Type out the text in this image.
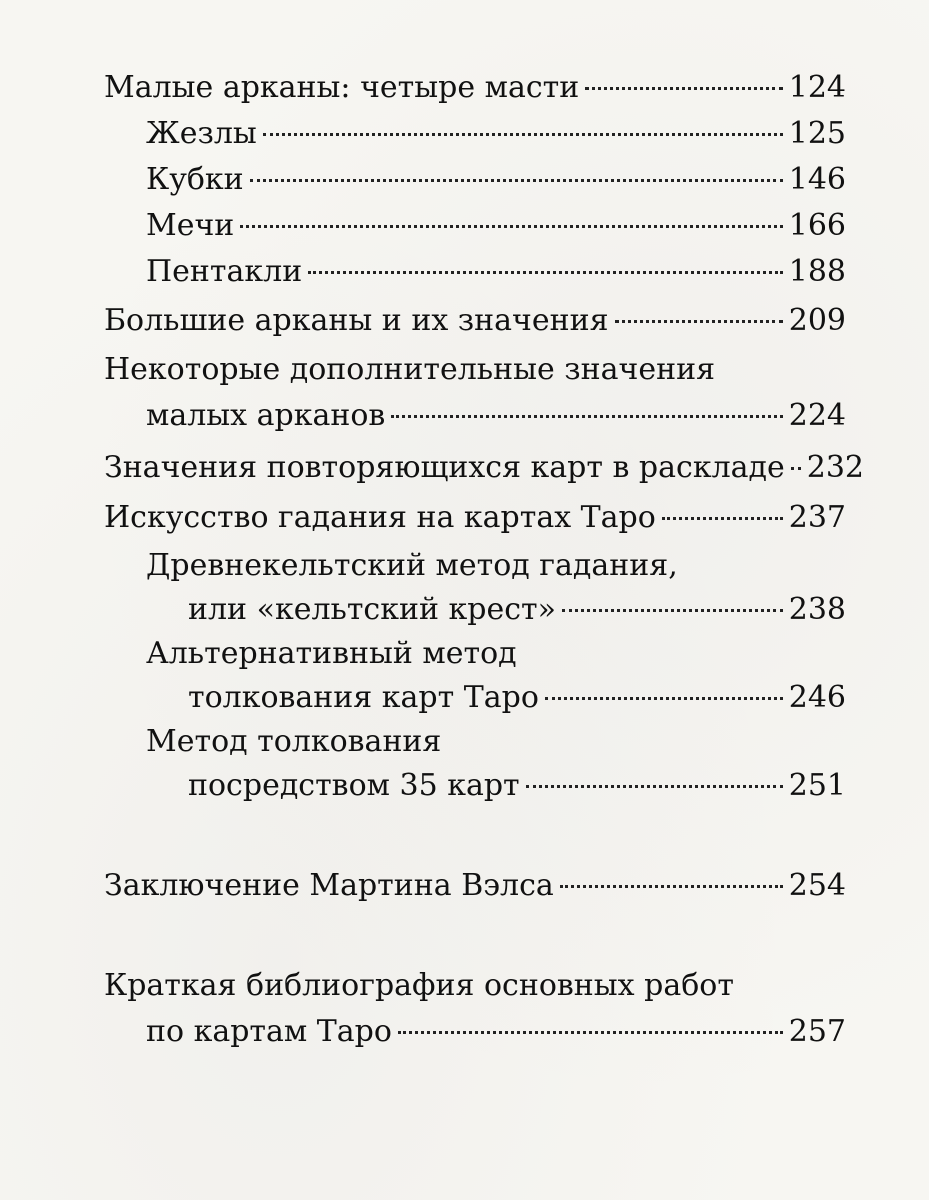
Малые арканы: четыре масти	124
Жезлы	125
Кубки	146
Мечи	166
Пентакли	188
Большие арканы и их значения	209
Некоторые дополнительные значения
малых арканов	224
Значения повторяющихся карт в раскладе 232
Искусство гадания на картах Таро	237
Древнекельтский метод гадания,
или «кельтский крест»	238
Альтернативный метод
толкования карт Таро	246
Метод толкования
посредством 35 карт	251
Заключение Мартина Вэлса	254
Краткая библиография основных работ
по картам Таро	257
